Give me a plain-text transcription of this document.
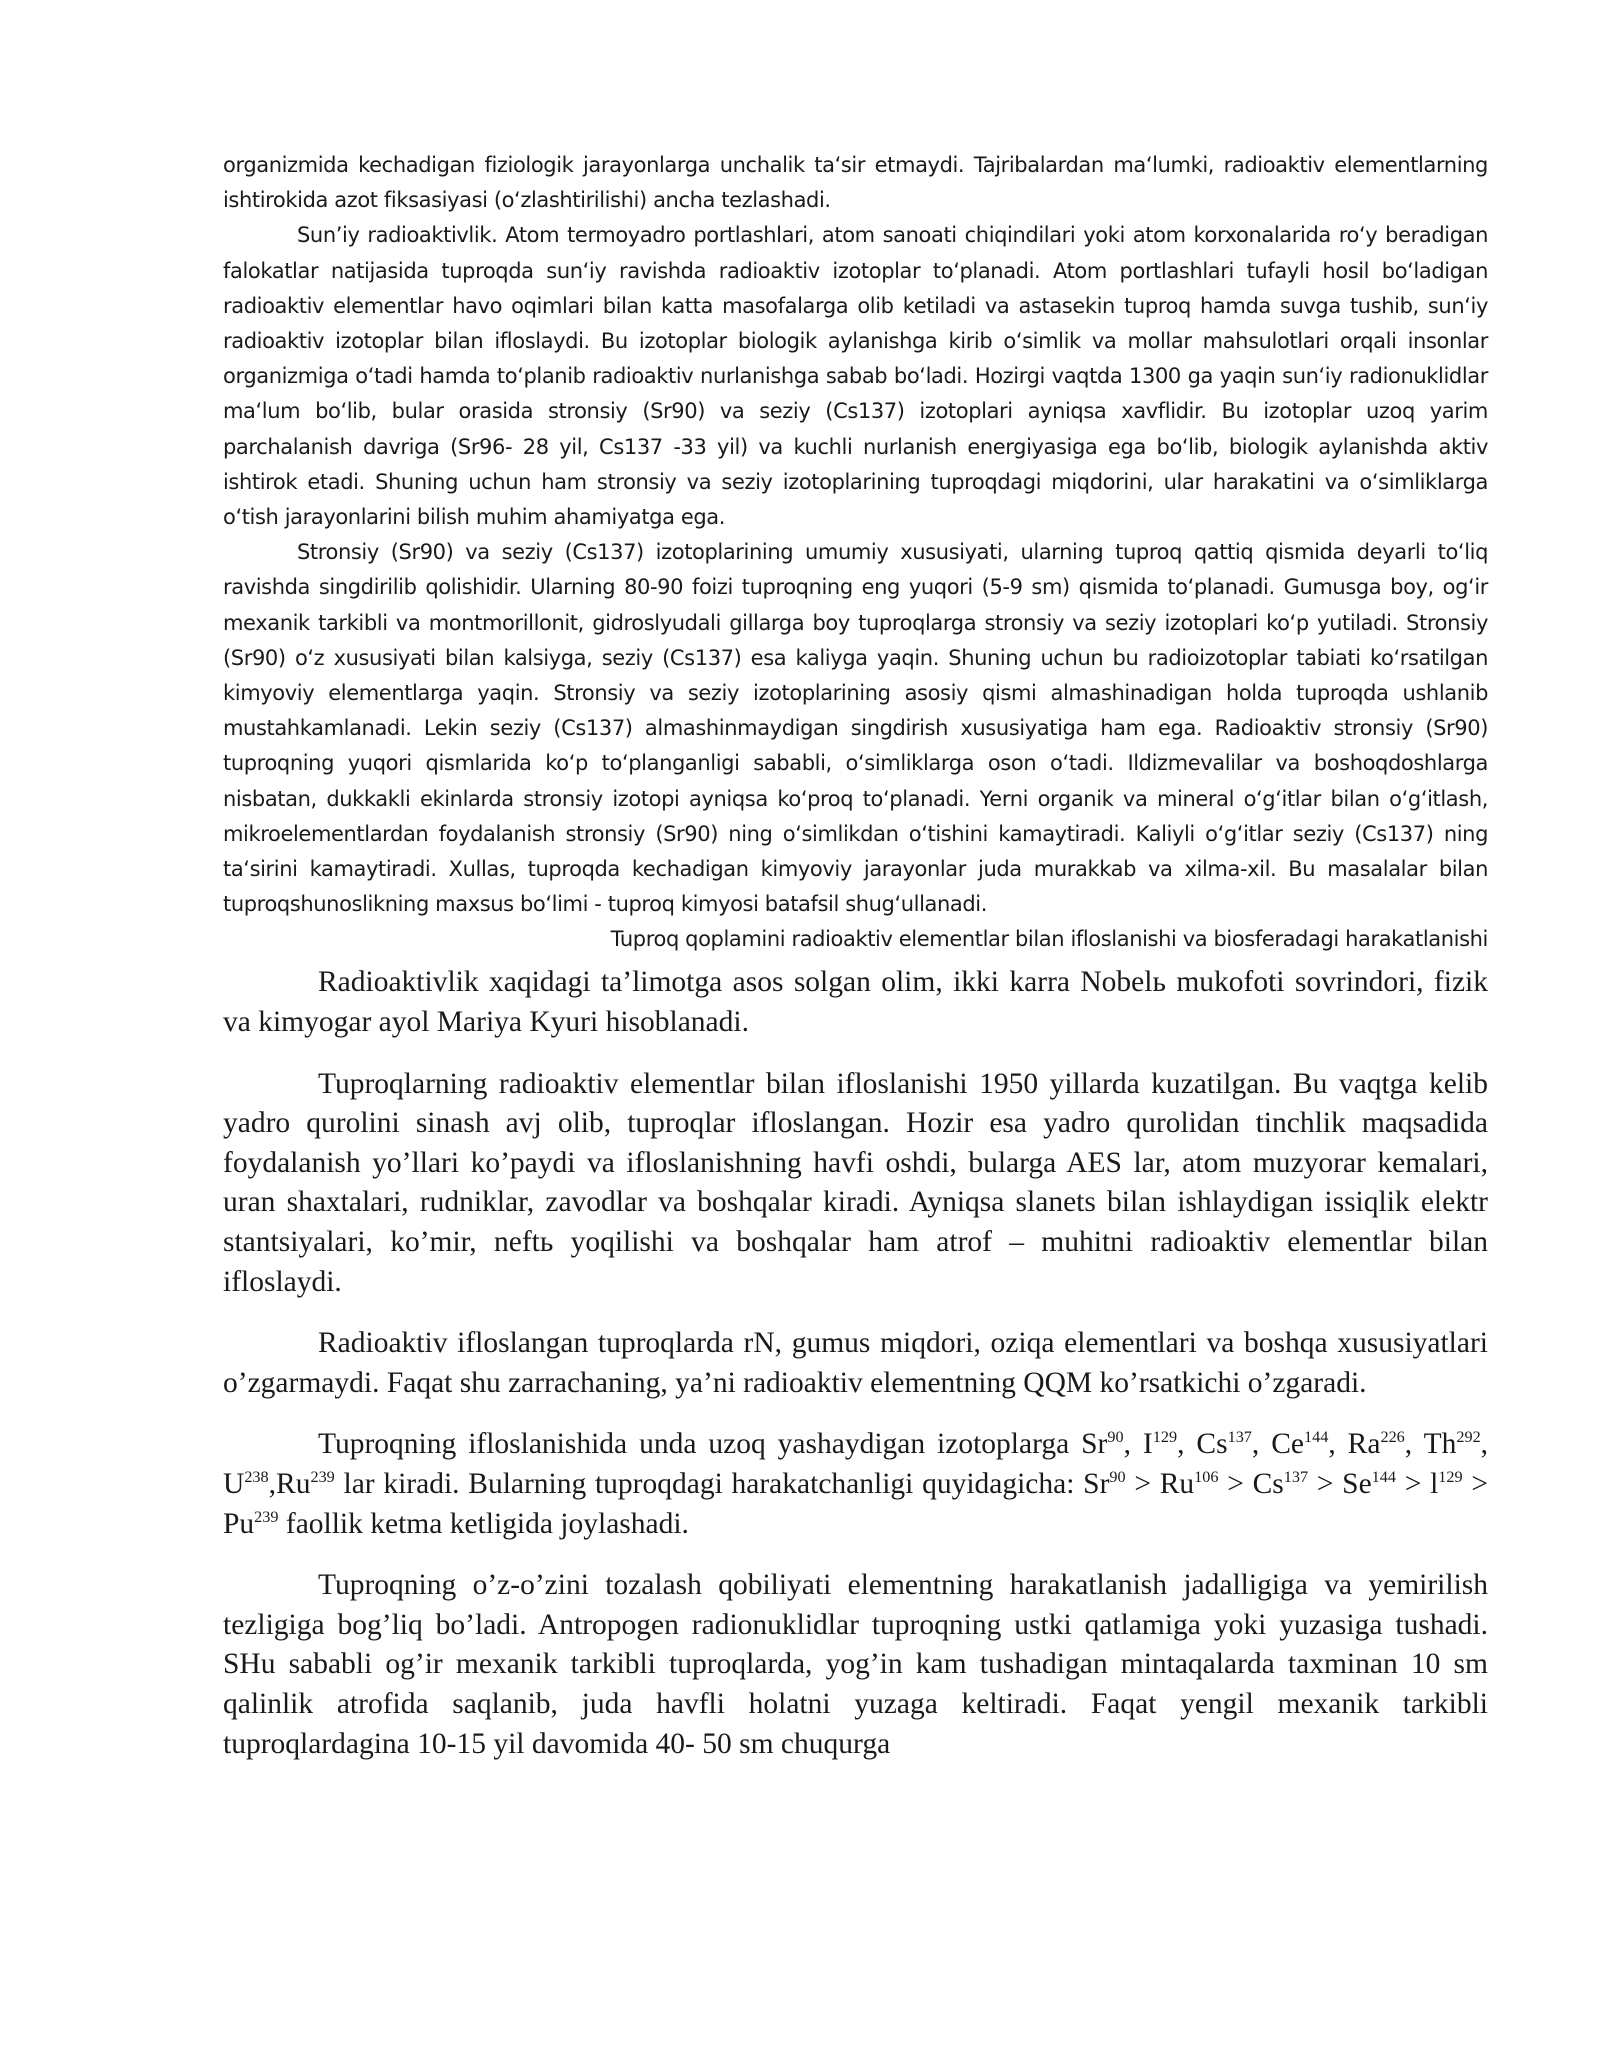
organizmida kechadigan fiziologik jarayonlarga unchalik taʻsir etmaydi. Tajribalardan maʻlumki, radioaktiv elementlarning ishtirokida azot fiksasiyasi (oʻzlashtirilishi) ancha tezlashadi.

Sun’iy radioaktivlik. Atom termoyadro portlashlari, atom sanoati chiqindilari yoki atom korxonalarida roʻy beradigan falokatlar natijasida tuproqda sunʻiy ravishda radioaktiv izotoplar toʻplanadi. Atom portlashlari tufayli hosil boʻladigan radioaktiv elementlar havo oqimlari bilan katta masofalarga olib ketiladi va astasekin tuproq hamda suvga tushib, sunʻiy radioaktiv izotoplar bilan ifloslaydi. Bu izotoplar biologik aylanishga kirib oʻsimlik va mollar mahsulotlari orqali insonlar organizmiga oʻtadi hamda toʻplanib radioaktiv nurlanishga sabab boʻladi. Hozirgi vaqtda 1300 ga yaqin sunʻiy radionuklidlar maʻlum boʻlib, bular orasida stronsiy (Sr90) va seziy (Cs137) izotoplari ayniqsa xavflidir. Bu izotoplar uzoq yarim parchalanish davriga (Sr96- 28 yil, Cs137 -33 yil) va kuchli nurlanish energiyasiga ega boʻlib, biologik aylanishda aktiv ishtirok etadi. Shuning uchun ham stronsiy va seziy izotoplarining tuproqdagi miqdorini, ular harakatini va oʻsimliklarga oʻtish jarayonlarini bilish muhim ahamiyatga ega.

Stronsiy (Sr90) va seziy (Cs137) izotoplarining umumiy xususiyati, ularning tuproq qattiq qismida deyarli toʻliq ravishda singdirilib qolishidir. Ularning 80-90 foizi tuproqning eng yuqori (5-9 sm) qismida toʻplanadi. Gumusga boy, ogʻir mexanik tarkibli va montmorillonit, gidroslyudali gillarga boy tuproqlarga stronsiy va seziy izotoplari koʻp yutiladi. Stronsiy (Sr90) oʻz xususiyati bilan kalsiyga, seziy (Cs137) esa kaliyga yaqin. Shuning uchun bu radioizotoplar tabiati koʻrsatilgan kimyoviy elementlarga yaqin. Stronsiy va seziy izotoplarining asosiy qismi almashinadigan holda tuproqda ushlanib mustahkamlanadi. Lekin seziy (Cs137) almashinmaydigan singdirish xususiyatiga ham ega. Radioaktiv stronsiy (Sr90) tuproqning yuqori qismlarida koʻp toʻplanganligi sababli, oʻsimliklarga oson oʻtadi. Ildizmevalilar va boshoqdoshlarga nisbatan, dukkakli ekinlarda stronsiy izotopi ayniqsa koʻproq toʻplanadi. Yerni organik va mineral oʻgʻitlar bilan oʻgʻitlash, mikroelementlardan foydalanish stronsiy (Sr90) ning oʻsimlikdan oʻtishini kamaytiradi. Kaliyli oʻgʻitlar seziy (Cs137) ning taʻsirini kamaytiradi. Xullas, tuproqda kechadigan kimyoviy jarayonlar juda murakkab va xilma-xil. Bu masalalar bilan tuproqshunoslikning maxsus boʻlimi - tuproq kimyosi batafsil shugʻullanadi.

Tuproq qoplamini radioaktiv elementlar bilan ifloslanishi va biosferadagi harakatlanishi

Radioaktivlik xaqidagi ta’limotga asos solgan olim, ikki karra Nobelь mukofoti sovrindori, fizik va kimyogar ayol Mariya Kyuri hisoblanadi.

Tuproqlarning radioaktiv elementlar bilan ifloslanishi 1950 yillarda kuzatilgan. Bu vaqtga kelib yadro qurolini sinash avj olib, tuproqlar ifloslangan. Hozir esa yadro qurolidan tinchlik maqsadida foydalanish yo’llari ko’paydi va ifloslanishning havfi oshdi, bularga AES lar, atom muzyorar kemalari, uran shaxtalari, rudniklar, zavodlar va boshqalar kiradi. Ayniqsa slanets bilan ishlaydigan issiqlik elektr stantsiyalari, ko’mir, neftь yoqilishi va boshqalar ham atrof – muhitni radioaktiv elementlar bilan ifloslaydi.

Radioaktiv ifloslangan tuproqlarda rN, gumus miqdori, oziqa elementlari va boshqa xususiyatlari o’zgarmaydi. Faqat shu zarrachaning, ya’ni radioaktiv elementning QQM ko’rsatkichi o’zgaradi.

Tuproqning ifloslanishida unda uzoq yashaydigan izotoplarga Sr$^{90}$, $I^{129}$, Cs$^{137}$, Ce$^{144}$, Ra$^{226}$, Th$^{292}$, $U^{238},Ru^{239}$ lar kiradi. Bularning tuproqdagi harakatchanligi quyidagicha: $Sr^{90} > Ru^{106} > Cs^{137} > Se^{144} > l^{129} > Pu^{239}$ faollik ketma ketligida joylashadi.

Tuproqning o’z-o’zini tozalash qobiliyati elementning harakatlanish jadalligiga va yemirilish tezligiga bog’liq bo’ladi. Antropogen radionuklidlar tuproqning ustki qatlamiga yoki yuzasiga tushadi. SHu sababli og’ir mexanik tarkibli tuproqlarda, yog’in kam tushadigan mintaqalarda taxminan 10 sm qalinlik atrofida saqlanib, juda havfli holatni yuzaga keltiradi. Faqat yengil mexanik tarkibli tuproqlardagina 10-15 yil davomida 40- 50 sm chuqurga
